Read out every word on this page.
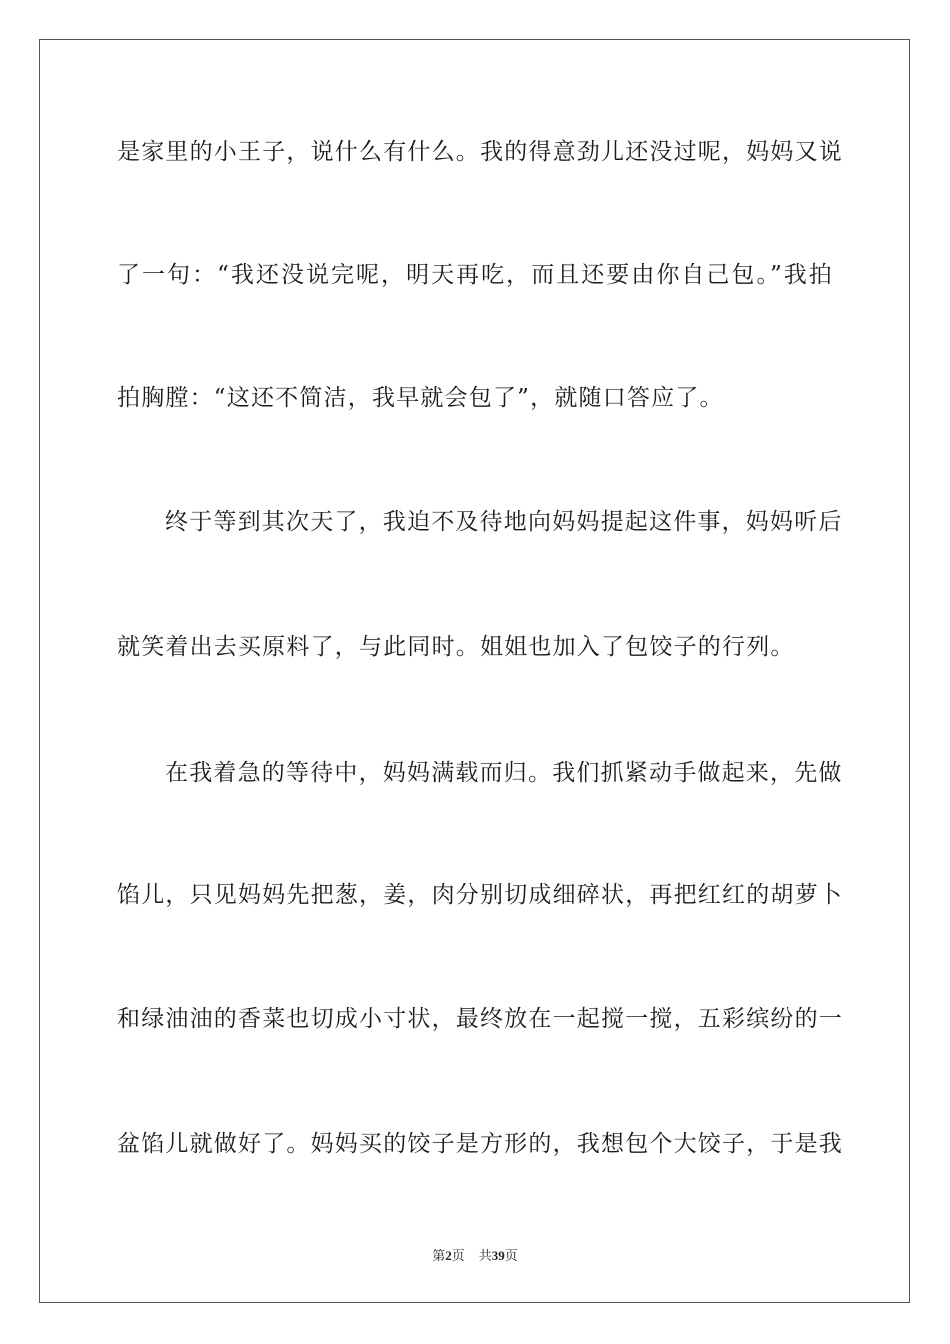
是家里的小王子，说什么有什么。我的得意劲儿还没过呢，妈妈又说
了一句：“我还没说完呢，明天再吃，而且还要由你自己包。”我拍
拍胸膛：“这还不简洁，我早就会包了”，就随口答应了。
终于等到其次天了，我迫不及待地向妈妈提起这件事，妈妈听后
就笑着出去买原料了，与此同时。姐姐也加入了包饺子的行列。
在我着急的等待中，妈妈满载而归。我们抓紧动手做起来，先做
馅儿，只见妈妈先把葱，姜，肉分别切成细碎状，再把红红的胡萝卜
和绿油油的香菜也切成小寸状，最终放在一起搅一搅，五彩缤纷的一
盆馅儿就做好了。妈妈买的饺子是方形的，我想包个大饺子，于是我
第2页 共39页
